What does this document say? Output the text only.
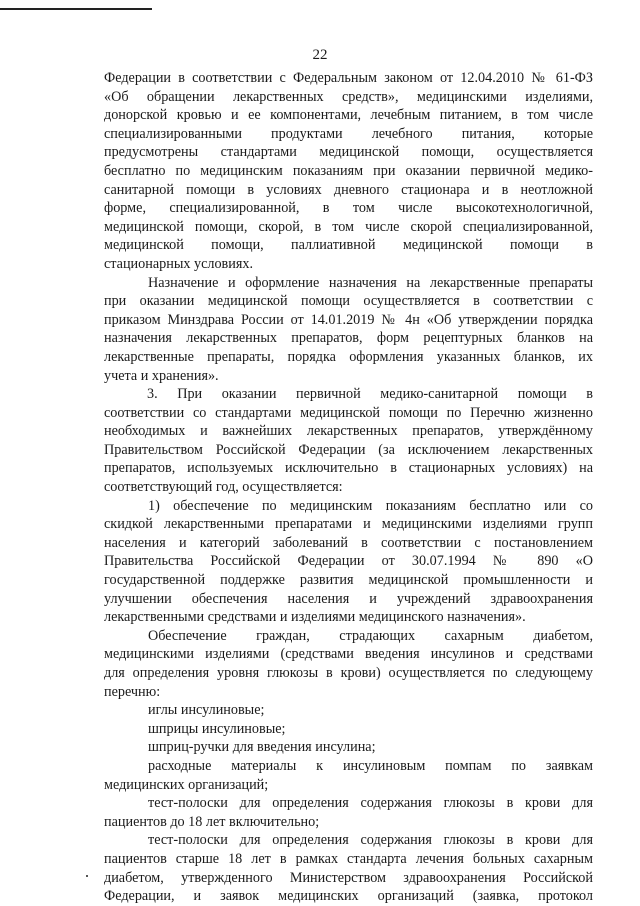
22
Федерации в соответствии с Федеральным законом от 12.04.2010 № 61-ФЗ
«Об обращении лекарственных средств», медицинскими изделиями,
донорской кровью и ее компонентами, лечебным питанием, в том числе
специализированными продуктами лечебного питания, которые
предусмотрены стандартами медицинской помощи, осуществляется
бесплатно по медицинским показаниям при оказании первичной медико-
санитарной помощи в условиях дневного стационара и в неотложной
форме, специализированной, в том числе высокотехнологичной,
медицинской помощи, скорой, в том числе скорой специализированной,
медицинской помощи, паллиативной медицинской помощи в
стационарных условиях.
Назначение и оформление назначения на лекарственные препараты
при оказании медицинской помощи осуществляется в соответствии с
приказом Минздрава России от 14.01.2019 № 4н «Об утверждении порядка
назначения лекарственных препаратов, форм рецептурных бланков на
лекарственные препараты, порядка оформления указанных бланков, их
учета и хранения».
3. При оказании первичной медико-санитарной помощи в
соответствии со стандартами медицинской помощи по Перечню жизненно
необходимых и важнейших лекарственных препаратов, утверждённому
Правительством Российской Федерации (за исключением лекарственных
препаратов, используемых исключительно в стационарных условиях) на
соответствующий год, осуществляется:
1) обеспечение по медицинским показаниям бесплатно или со
скидкой лекарственными препаратами и медицинскими изделиями групп
населения и категорий заболеваний в соответствии с постановлением
Правительства Российской Федерации от 30.07.1994 № 890 «О
государственной поддержке развития медицинской промышленности и
улучшении обеспечения населения и учреждений здравоохранения
лекарственными средствами и изделиями медицинского назначения».
Обеспечение граждан, страдающих сахарным диабетом,
медицинскими изделиями (средствами введения инсулинов и средствами
для определения уровня глюкозы в крови) осуществляется по следующему
перечню:
иглы инсулиновые;
шприцы инсулиновые;
шприц-ручки для введения инсулина;
расходные материалы к инсулиновым помпам по заявкам
медицинских организаций;
тест-полоски для определения содержания глюкозы в крови для
пациентов до 18 лет включительно;
тест-полоски для определения содержания глюкозы в крови для
пациентов старше 18 лет в рамках стандарта лечения больных сахарным
диабетом, утвержденного Министерством здравоохранения Российской
Федерации, и заявок медицинских организаций (заявка, протокол
